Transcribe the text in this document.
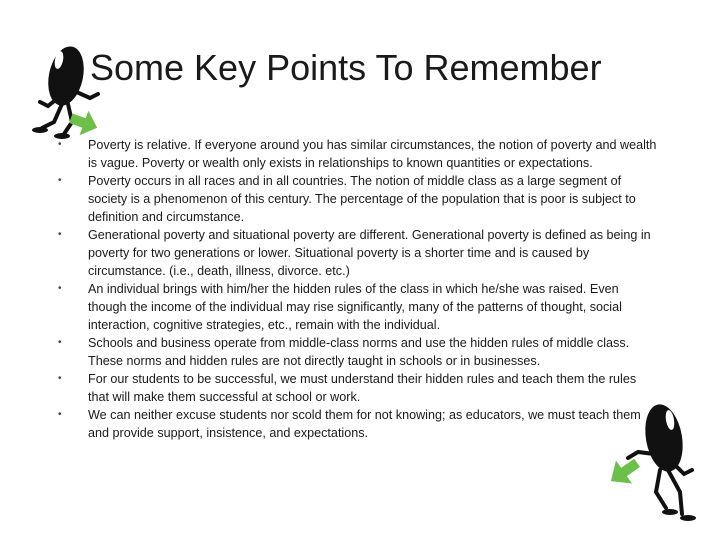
Some Key Points To Remember
•	Poverty is relative. If everyone around you has similar circumstances, the notion of poverty and wealth is vague. Poverty or wealth only exists in relationships to known quantities or expectations.
•	Poverty occurs in all races and in all countries. The notion of middle class as a large segment of society is a phenomenon of this century. The percentage of the population that is poor is subject to definition and circumstance.
•	Generational poverty and situational poverty are different. Generational poverty is defined as being in poverty for two generations or lower. Situational poverty is a shorter time and is caused by circumstance. (i.e., death, illness, divorce. etc.)
•	An individual brings with him/her the hidden rules of the class in which he/she was raised. Even though the income of the individual may rise significantly, many of the patterns of thought, social interaction, cognitive strategies, etc., remain with the individual.
•	Schools and business operate from middle-class norms and use the hidden rules of middle class. These norms and hidden rules are not directly taught in schools or in businesses.
•	For our students to be successful, we must understand their hidden rules and teach them the rules that will make them successful at school or work.
•	We can neither excuse students nor scold them for not knowing; as educators, we must teach them and provide support, insistence, and expectations.
